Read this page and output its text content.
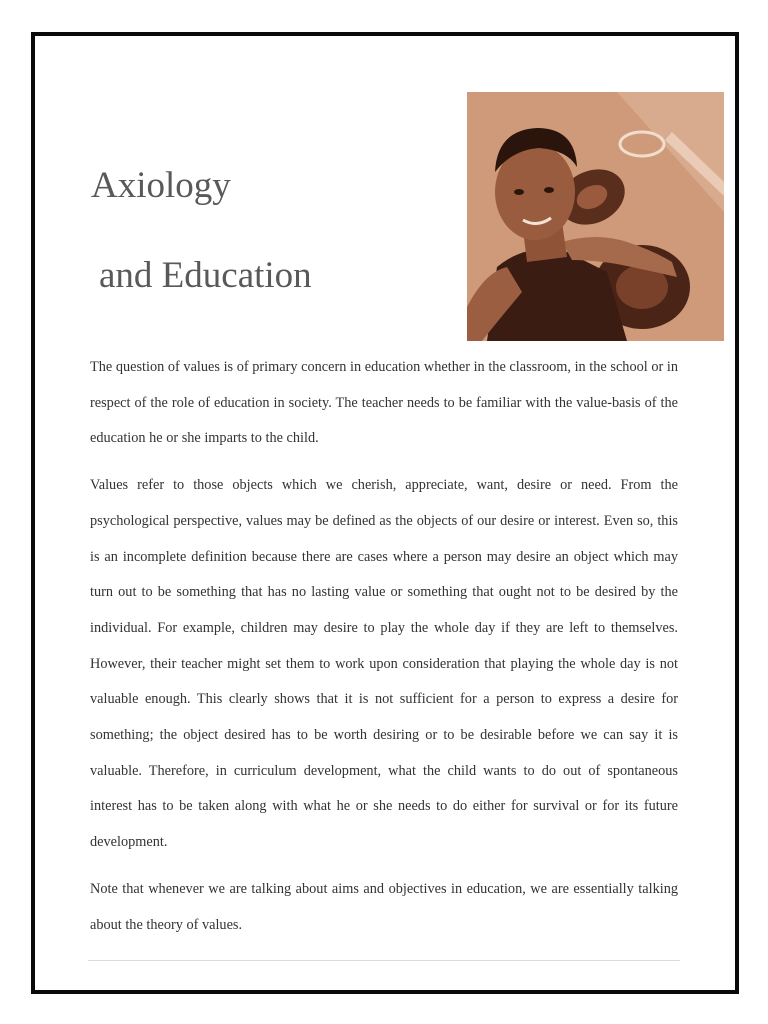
Axiology
and Education

The question of values is of primary concern in education whether in the classroom, in the school or in respect of the role of education in society. The teacher needs to be familiar with the value-basis of the education he or she imparts to the child.

Values refer to those objects which we cherish, appreciate, want, desire or need. From the psychological perspective, values may be defined as the objects of our desire or interest. Even so, this is an incomplete definition because there are cases where a person may desire an object which may turn out to be something that has no lasting value or something that ought not to be desired by the individual. For example, children may desire to play the whole day if they are left to themselves. However, their teacher might set them to work upon consideration that playing the whole day is not valuable enough. This clearly shows that it is not sufficient for a person to express a desire for something; the object desired has to be worth desiring or to be desirable before we can say it is valuable. Therefore, in curriculum development, what the child wants to do out of spontaneous interest has to be taken along with what he or she needs to do either for survival or for its future development.

Note that whenever we are talking about aims and objectives in education, we are essentially talking about the theory of values.
